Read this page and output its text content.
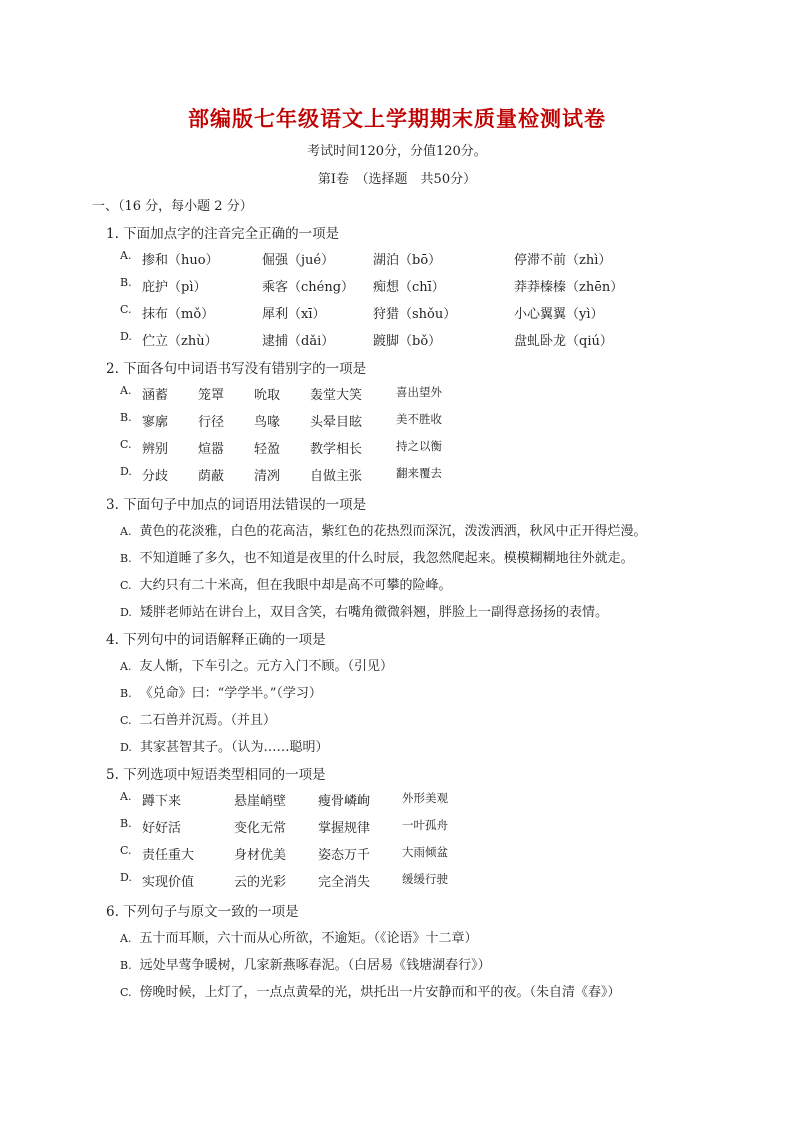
部编版七年级语文上学期期末质量检测试卷
考试时间120分，分值120分。
第I卷　（选择题　共50分）
一、（16 分，每小题 2 分）
1. 下面加点字的注音完全正确的一项是
A. 掺和（huo）	倔强（jué）	湖泊（bō）	停滞不前（zhì）
B. 庇护（pì）	乘客（chéng） 痴想（chī）	莽莽榛榛（zhēn）
C. 抹布（mǒ）	犀利（xī）	狩猎（shǒu）	小心翼翼（yì）
D. 伫立（zhù）	逮捕（dǎi）	踱脚（bǒ）	盘虬卧龙（qiú）
2. 下面各句中词语书写没有错别字的一项是
A. 涵蓄 笼罩 吮取 轰堂大笑	喜出望外
B. 寥廓 行径 鸟喙 头晕目眩	美不胜收
C. 辨别 煊嚣 轻盈 教学相长	持之以衡
D. 分歧 荫蔽 清冽 自做主张	翻来覆去
3. 下面句子中加点的词语用法错误的一项是
A. 黄色的花淡雅，白色的花高洁，紫红色的花热烈而深沉，泼泼洒洒，秋风中正开得烂漫。
B. 不知道睡了多久，也不知道是夜里的什么时辰，我忽然爬起来。模模糊糊地往外就走。
C. 大约只有二十米高，但在我眼中却是高不可攀的险峰。
D. 矮胖老师站在讲台上，双目含笑，右嘴角微微斜翘，胖脸上一副得意扬扬的表情。
4. 下列句中的词语解释正确的一项是
A. 友人惭，下车引之。元方入门不顾。（引见）
B. 《兑命》曰：“学学半。”（学习）
C. 二石兽并沉焉。（并且）
D. 其家甚智其子。（认为……聪明）
5. 下列选项中短语类型相同的一项是
A. 蹲下来	悬崖峭壁 瘦骨嶙峋	外形美观
B. 好好活	变化无常 掌握规律	一叶孤舟
C. 责任重大	身材优美 姿态万千	大雨倾盆
D. 实现价值	云的光彩 完全消失	缓缓行驶
6. 下列句子与原文一致的一项是
A. 五十而耳顺，六十而从心所欲，不逾矩。（《论语》十二章）
B. 远处早莺争暖树，几家新燕啄春泥。（白居易《钱塘湖春行》）
C. 傍晚时候，上灯了，一点点黄晕的光，烘托出一片安静而和平的夜。（朱自清《春》）
